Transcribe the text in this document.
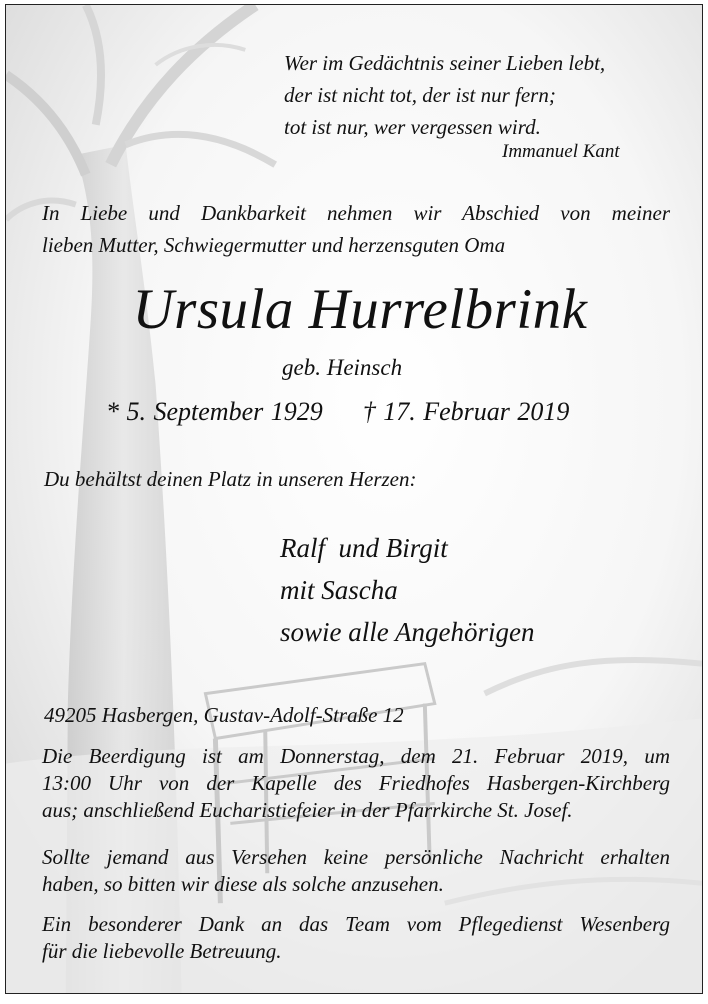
Wer im Gedächtnis seiner Lieben lebt,
der ist nicht tot, der ist nur fern;
tot ist nur, wer vergessen wird.
Immanuel Kant
In Liebe und Dankbarkeit nehmen wir Abschied von meiner
lieben Mutter, Schwiegermutter und herzensguten Oma
Ursula Hurrelbrink
geb. Heinsch
* 5. September 1929 † 17. Februar 2019
Du behältst deinen Platz in unseren Herzen:
Ralf  und Birgit
mit Sascha
sowie alle Angehörigen
49205 Hasbergen, Gustav-Adolf-Straße 12
Die Beerdigung ist am Donnerstag, dem 21. Februar 2019, um
13:00 Uhr von der Kapelle des Friedhofes Hasbergen-Kirchberg
aus; anschließend Eucharistiefeier in der Pfarrkirche St. Josef.
Sollte jemand aus Versehen keine persönliche Nachricht erhalten
haben, so bitten wir diese als solche anzusehen.
Ein besonderer Dank an das Team vom Pflegedienst Wesenberg
für die liebevolle Betreuung.
